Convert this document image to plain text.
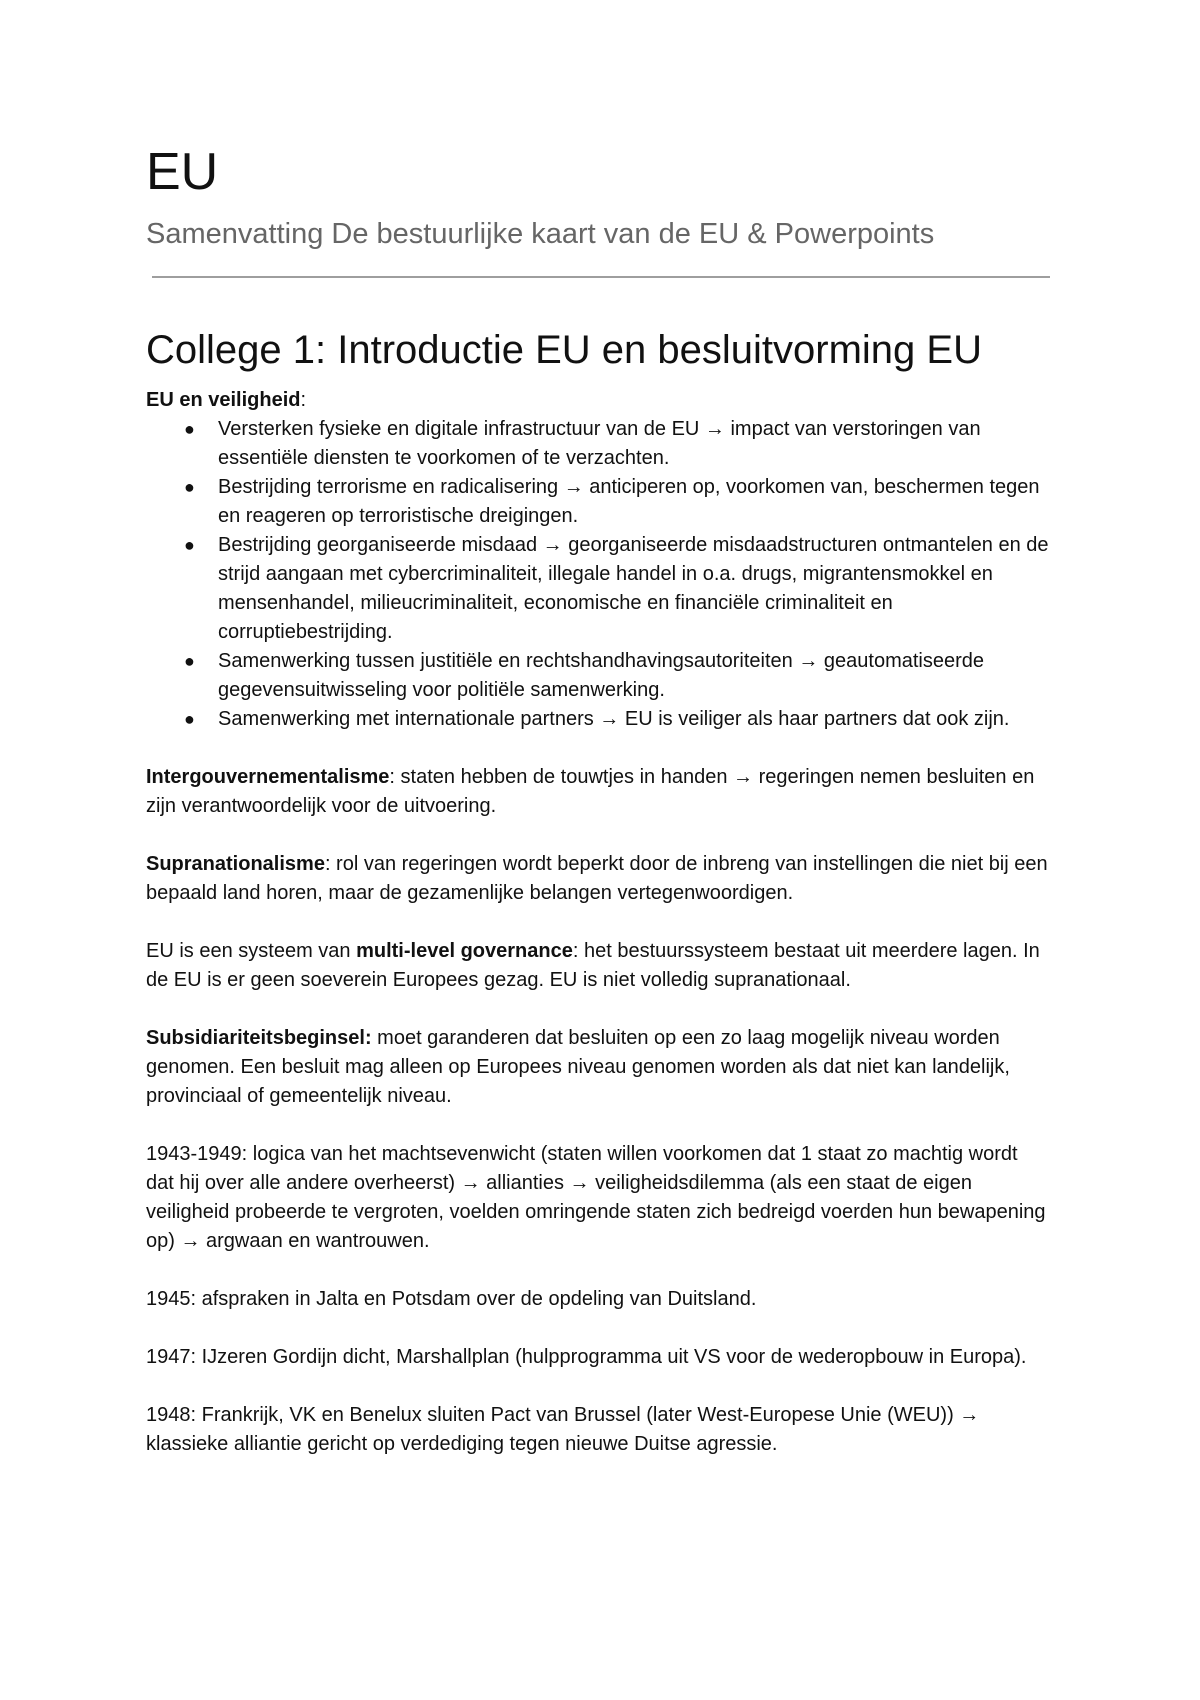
EU
Samenvatting De bestuurlijke kaart van de EU & Powerpoints
College 1: Introductie EU en besluitvorming EU

EU en veiligheid:

● Versterken fysieke en digitale infrastructuur van de EU → impact van verstoringen van essentiële diensten te voorkomen of te verzachten.
● Bestrijding terrorisme en radicalisering → anticiperen op, voorkomen van, beschermen tegen en reageren op terroristische dreigingen.
● Bestrijding georganiseerde misdaad → georganiseerde misdaadstructuren ontmantelen en de strijd aangaan met cybercriminaliteit, illegale handel in o.a. drugs, migrantensmokkel en mensenhandel, milieucriminaliteit, economische en financiële criminaliteit en corruptiebestrijding.
● Samenwerking tussen justitiële en rechtshandhavingsautoriteiten → geautomatiseerde gegevensuitwisseling voor politiële samenwerking.
● Samenwerking met internationale partners → EU is veiliger als haar partners dat ook zijn.

Intergouvernementalisme: staten hebben de touwtjes in handen → regeringen nemen besluiten en zijn verantwoordelijk voor de uitvoering.

Supranationalisme: rol van regeringen wordt beperkt door de inbreng van instellingen die niet bij een bepaald land horen, maar de gezamenlijke belangen vertegenwoordigen.

EU is een systeem van multi-level governance: het bestuurssysteem bestaat uit meerdere lagen. In de EU is er geen soeverein Europees gezag. EU is niet volledig supranationaal.

Subsidiariteitsbeginsel: moet garanderen dat besluiten op een zo laag mogelijk niveau worden genomen. Een besluit mag alleen op Europees niveau genomen worden als dat niet kan landelijk, provinciaal of gemeentelijk niveau.

1943-1949: logica van het machtsevenwicht (staten willen voorkomen dat 1 staat zo machtig wordt dat hij over alle andere overheerst) → allianties → veiligheidsdilemma (als een staat de eigen veiligheid probeerde te vergroten, voelden omringende staten zich bedreigd voerden hun bewapening op) → argwaan en wantrouwen.

1945: afspraken in Jalta en Potsdam over de opdeling van Duitsland.

1947: IJzeren Gordijn dicht, Marshallplan (hulpprogramma uit VS voor de wederopbouw in Europa).

1948: Frankrijk, VK en Benelux sluiten Pact van Brussel (later West-Europese Unie (WEU)) → klassieke alliantie gericht op verdediging tegen nieuwe Duitse agressie.
